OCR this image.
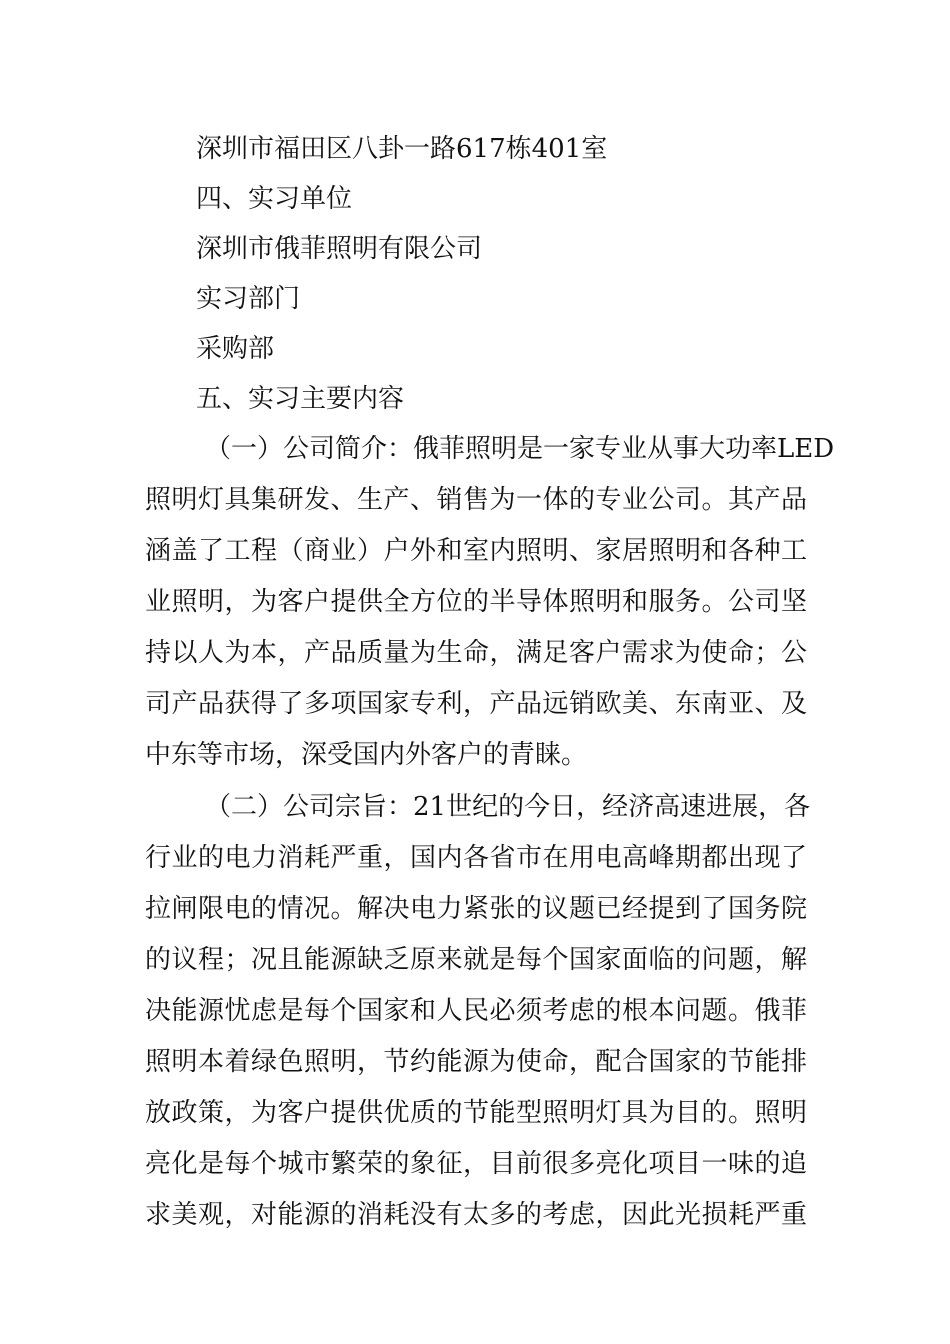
深圳市福田区八卦一路617栋401室
四、实习单位
深圳市俄菲照明有限公司
实习部门
采购部
五、实习主要内容
（一）公司简介：俄菲照明是一家专业从事大功率LED
照明灯具集研发、生产、销售为一体的专业公司。其产品
涵盖了工程（商业）户外和室内照明、家居照明和各种工
业照明，为客户提供全方位的半导体照明和服务。公司坚
持以人为本，产品质量为生命，满足客户需求为使命；公
司产品获得了多项国家专利，产品远销欧美、东南亚、及
中东等市场，深受国内外客户的青睐。
（二）公司宗旨：21世纪的今日，经济高速进展，各
行业的电力消耗严重，国内各省市在用电高峰期都出现了
拉闸限电的情况。解决电力紧张的议题已经提到了国务院
的议程；况且能源缺乏原来就是每个国家面临的问题，解
决能源忧虑是每个国家和人民必须考虑的根本问题。俄菲
照明本着绿色照明，节约能源为使命，配合国家的节能排
放政策，为客户提供优质的节能型照明灯具为目的。照明
亮化是每个城市繁荣的象征，目前很多亮化项目一味的追
求美观，对能源的消耗没有太多的考虑，因此光损耗严重
